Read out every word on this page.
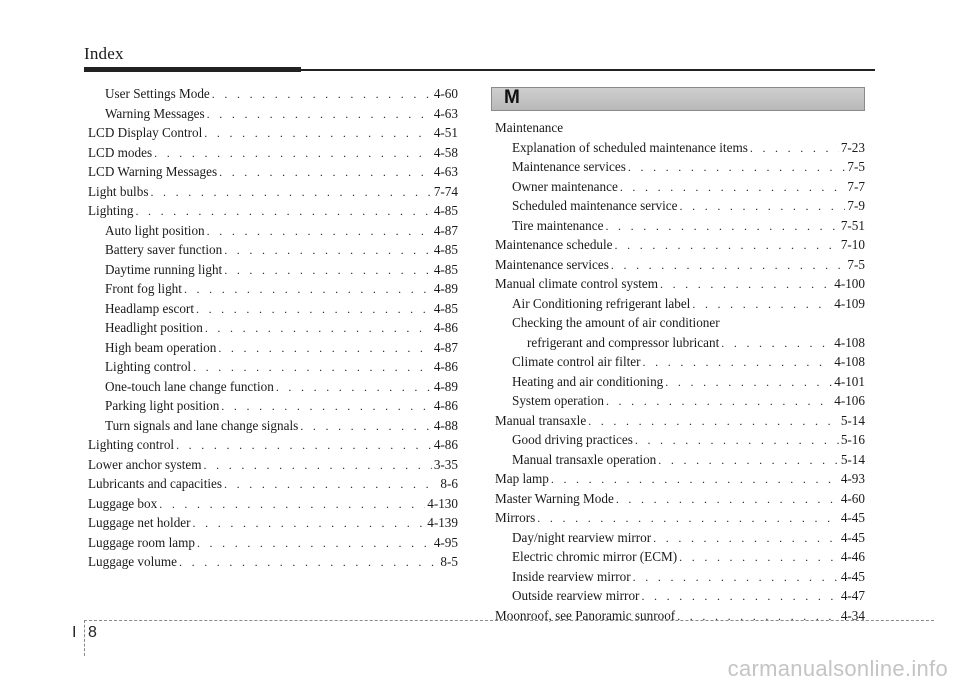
Index
User Settings Mode . . .	4-60
Warning Messages . . .	4-63
LCD Display Control . . .	4-51
LCD modes . . .	4-58
LCD Warning Messages . . .	4-63
Light bulbs . . .	7-74
Lighting . . .	4-85
Auto light position . . .	4-87
Battery saver function . . .	4-85
Daytime running light . . .	4-85
Front fog light . . .	4-89
Headlamp escort . . .	4-85
Headlight position . . .	4-86
High beam operation . . .	4-87
Lighting control . . .	4-86
One-touch lane change function . . .	4-89
Parking light position . . .	4-86
Turn signals and lane change signals . . .	4-88
Lighting control . . .	4-86
Lower anchor system . . .	3-35
Lubricants and capacities . . .	8-6
Luggage box . . .	4-130
Luggage net holder . . .	4-139
Luggage room lamp . . .	4-95
Luggage volume . . .	8-5
M
Maintenance
Explanation of scheduled maintenance items . . .	7-23
Maintenance services . . .	7-5
Owner maintenance . . .	7-7
Scheduled maintenance service . . .	7-9
Tire maintenance . . .	7-51
Maintenance schedule . . .	7-10
Maintenance services . . .	7-5
Manual climate control system . . .	4-100
Air Conditioning refrigerant label . . .	4-109
Checking the amount of air conditioner
refrigerant and compressor lubricant . . .	4-108
Climate control air filter . . .	4-108
Heating and air conditioning . . .	4-101
System operation . . .	4-106
Manual transaxle . . .	5-14
Good driving practices . . .	5-16
Manual transaxle operation . . .	5-14
Map lamp . . .	4-93
Master Warning Mode . . .	4-60
Mirrors . . .	4-45
Day/night rearview mirror . . .	4-45
Electric chromic mirror (ECM) . . .	4-46
Inside rearview mirror . . .	4-45
Outside rearview mirror . . .	4-47
Moonroof, see Panoramic sunroof . . .	4-34
I 8
carmanualsonline.info
